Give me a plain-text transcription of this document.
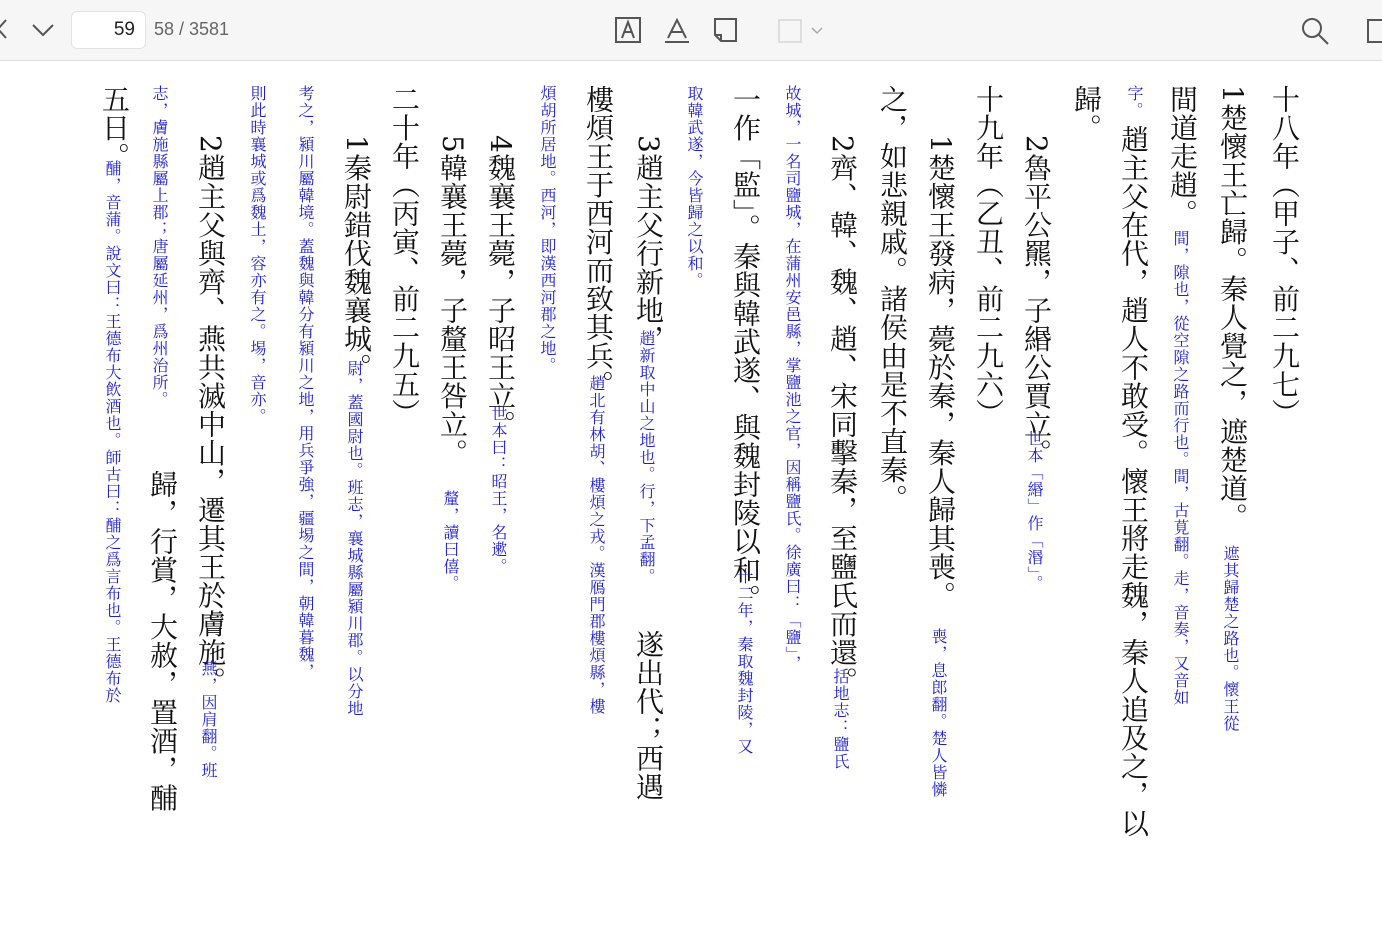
59	58 / 3581
十八年（甲子、前二九七）
1楚懷王亡歸。秦人覺之，遮楚道。
遮其歸楚之路也。懷王從
間道走趙。
間，隙也，從空隙之路而行也。間，古莧翻。走，音奏，又音如
字。
趙主父在代，趙人不敢受。懷王將走魏，秦人追及之，以
歸。
十九年（乙丑、前二九六） 2魯平公羆，子緡公賈立。
世本「緡」作「湣」。
1楚懷王發病，薨於秦，秦人歸其喪。
喪，息郎翻。楚人皆憐
之，如悲親戚。諸侯由是不直秦。
2齊、韓、魏、趙、宋同擊秦，至鹽氏而還。
括地志：鹽氏
故城，一名司鹽城，在蒲州安邑縣，掌鹽池之官，因稱鹽氏。徐廣曰：「鹽」，
一作「監」。秦與韓武遂、與魏封陵以和。
十二年，秦取魏封陵，又
取韓武遂，今皆歸之以和。
3趙主父行新地，
趙新取中山之地也。行，下孟翻。
遂出代；西遇
樓煩王于西河而致其兵。
趙北有林胡、樓煩之戎。漢鴈門郡樓煩縣，樓
煩胡所居地。西河，即漢西河郡之地。
4魏襄王薨，子昭王立。
世本曰：昭王，名遬。
5韓襄王薨，子釐王咎立。
釐，讀曰僖。
二十年（丙寅、前二九五）
1秦尉錯伐魏襄城。
尉，蓋國尉也。班志，襄城縣屬潁川郡。以分地
考之，潁川屬韓境。蓋魏與韓分有潁川之地，用兵爭強，疆埸之間，朝韓暮魏，
則此時襄城或爲魏土，容亦有之。埸，音亦。
2趙主父與齊、燕共滅中山，遷其王於膚施。
燕，因肩翻。班
志，膚施縣屬上郡；唐屬延州，爲州治所。
歸，行賞，大赦，置酒，酺
五日。
酺，音蒲。說文曰：王德布大飲酒也。師古曰：酺之爲言布也。王德布於
